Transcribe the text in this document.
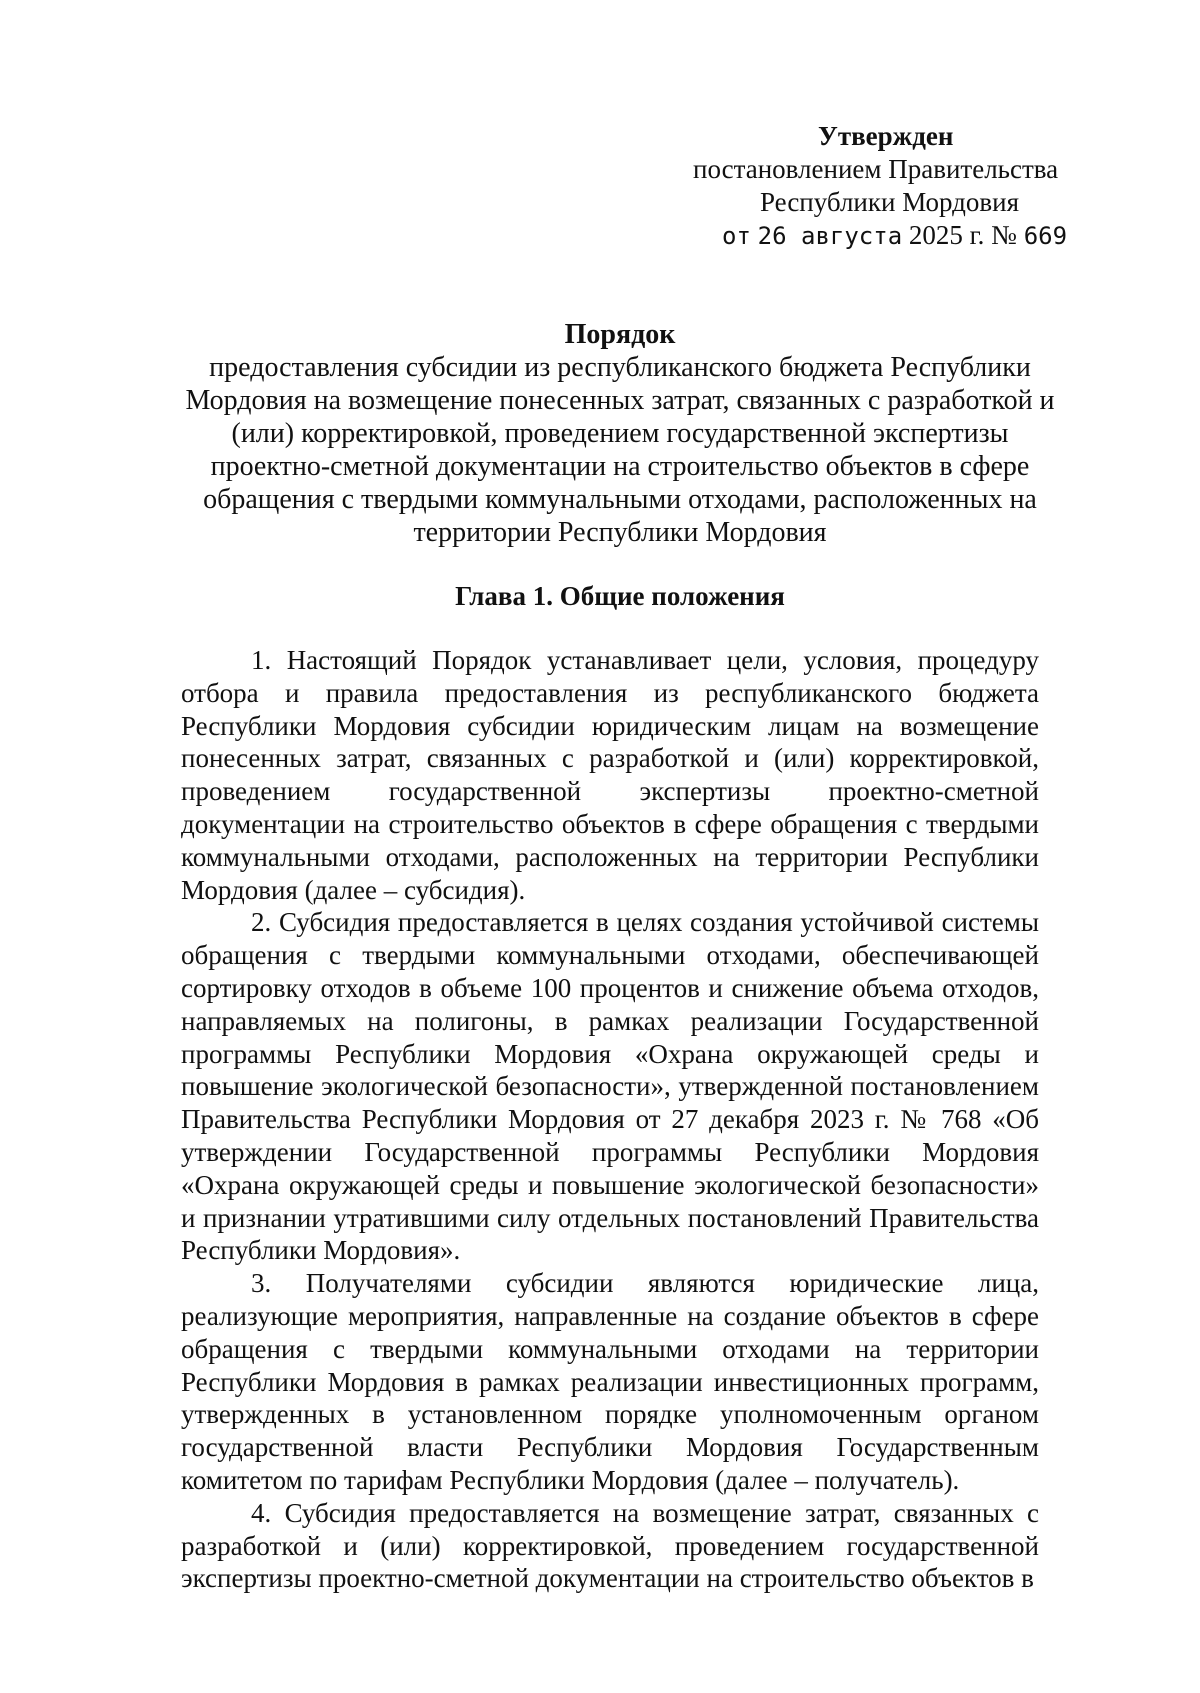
Утвержден
постановлением Правительства
Республики Мордовия
от 26 августа 2025 г. № 669
Порядок
предоставления субсидии из республиканского бюджета Республики Мордовия на возмещение понесенных затрат, связанных с разработкой и (или) корректировкой, проведением государственной экспертизы проектно-сметной документации на строительство объектов в сфере обращения с твердыми коммунальными отходами, расположенных на территории Республики Мордовия
Глава 1. Общие положения

1. Настоящий Порядок устанавливает цели, условия, процедуру отбора и правила предоставления из республиканского бюджета Республики Мордовия субсидии юридическим лицам на возмещение понесенных затрат, связанных с разработкой и (или) корректировкой, проведением государственной экспертизы проектно-сметной документации на строительство объектов в сфере обращения с твердыми коммунальными отходами, расположенных на территории Республики Мордовия (далее – субсидия).

2. Субсидия предоставляется в целях создания устойчивой системы обращения с твердыми коммунальными отходами, обеспечивающей сортировку отходов в объеме 100 процентов и снижение объема отходов, направляемых на полигоны, в рамках реализации Государственной программы Республики Мордовия «Охрана окружающей среды и повышение экологической безопасности», утвержденной постановлением Правительства Республики Мордовия от 27 декабря 2023 г. № 768 «Об утверждении Государственной программы Республики Мордовия «Охрана окружающей среды и повышение экологической безопасности» и признании утратившими силу отдельных постановлений Правительства Республики Мордовия».

3. Получателями субсидии являются юридические лица, реализующие мероприятия, направленные на создание объектов в сфере обращения с твердыми коммунальными отходами на территории Республики Мордовия в рамках реализации инвестиционных программ, утвержденных в установленном порядке уполномоченным органом государственной власти Республики Мордовия Государственным комитетом по тарифам Республики Мордовия (далее – получатель).

4. Субсидия предоставляется на возмещение затрат, связанных с разработкой и (или) корректировкой, проведением государственной экспертизы проектно-сметной документации на строительство объектов в
